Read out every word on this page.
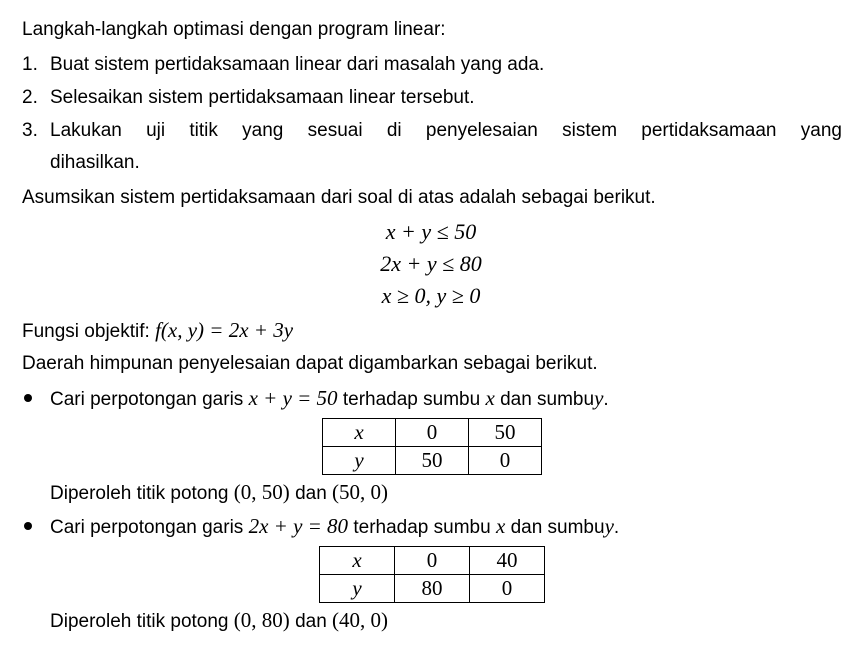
Langkah-langkah optimasi dengan program linear:
1. Buat sistem pertidaksamaan linear dari masalah yang ada.
2. Selesaikan sistem pertidaksamaan linear tersebut.
3. Lakukan uji titik yang sesuai di penyelesaian sistem pertidaksamaan yang
dihasilkan.
Asumsikan sistem pertidaksamaan dari soal di atas adalah sebagai berikut.
x + y ≤ 50
2x + y ≤ 80
x ≥ 0, y ≥ 0
Fungsi objektif: f(x, y) = 2x + 3y
Daerah himpunan penyelesaian dapat digambarkan sebagai berikut.
Cari perpotongan garis x + y = 50 terhadap sumbu x dan sumbuy.
x	0	50
y	50	0
Diperoleh titik potong (0, 50) dan (50, 0)
Cari perpotongan garis 2x + y = 80 terhadap sumbu x dan sumbuy.
x	0	40
y	80	0
Diperoleh titik potong (0, 80) dan (40, 0)
